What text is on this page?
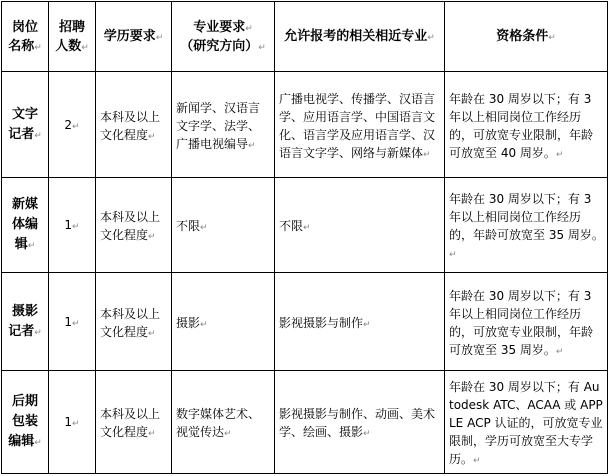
岗位
名称↵	招聘
人数↵	学历要求↵	专业要求↵
（研究方向）↵	允许报考的相关相近专业↵	资格条件↵

文字
记者↵	2↵	本科及以上文化程度↵	新闻学、汉语言文字学、法学、广播电视编导↵	广播电视学、传播学、汉语言学、应用语言学、中国语言文化、语言学及应用语言学、汉语言文字学、网络与新媒体↵	年龄在 30 周岁以下；有 3 年以上相同岗位工作经历的，可放宽专业限制，年龄可放宽至 40 周岁。↵

新媒
体编
辑↵	1↵	本科及以上文化程度↵	不限↵	不限↵	年龄在 30 周岁以下；有 3 年以上相同岗位工作经历的，年龄可放宽至 35 周岁。↵

摄影
记者↵	1↵	本科及以上文化程度↵	摄影↵	影视摄影与制作↵	年龄在 30 周岁以下；有 3 年以上相同岗位工作经历的，可放宽专业限制，年龄可放宽至 35 周岁。↵

后期
包装
编辑↵	1↵	本科及以上文化程度↵	数字媒体艺术、视觉传达↵	影视摄影与制作、动画、美术学、绘画、摄影↵	年龄在 30 周岁以下；有 Autodesk ATC、ACAA 或 APPLE ACP 认证的，可放宽专业限制，学历可放宽至大专学历。↵
